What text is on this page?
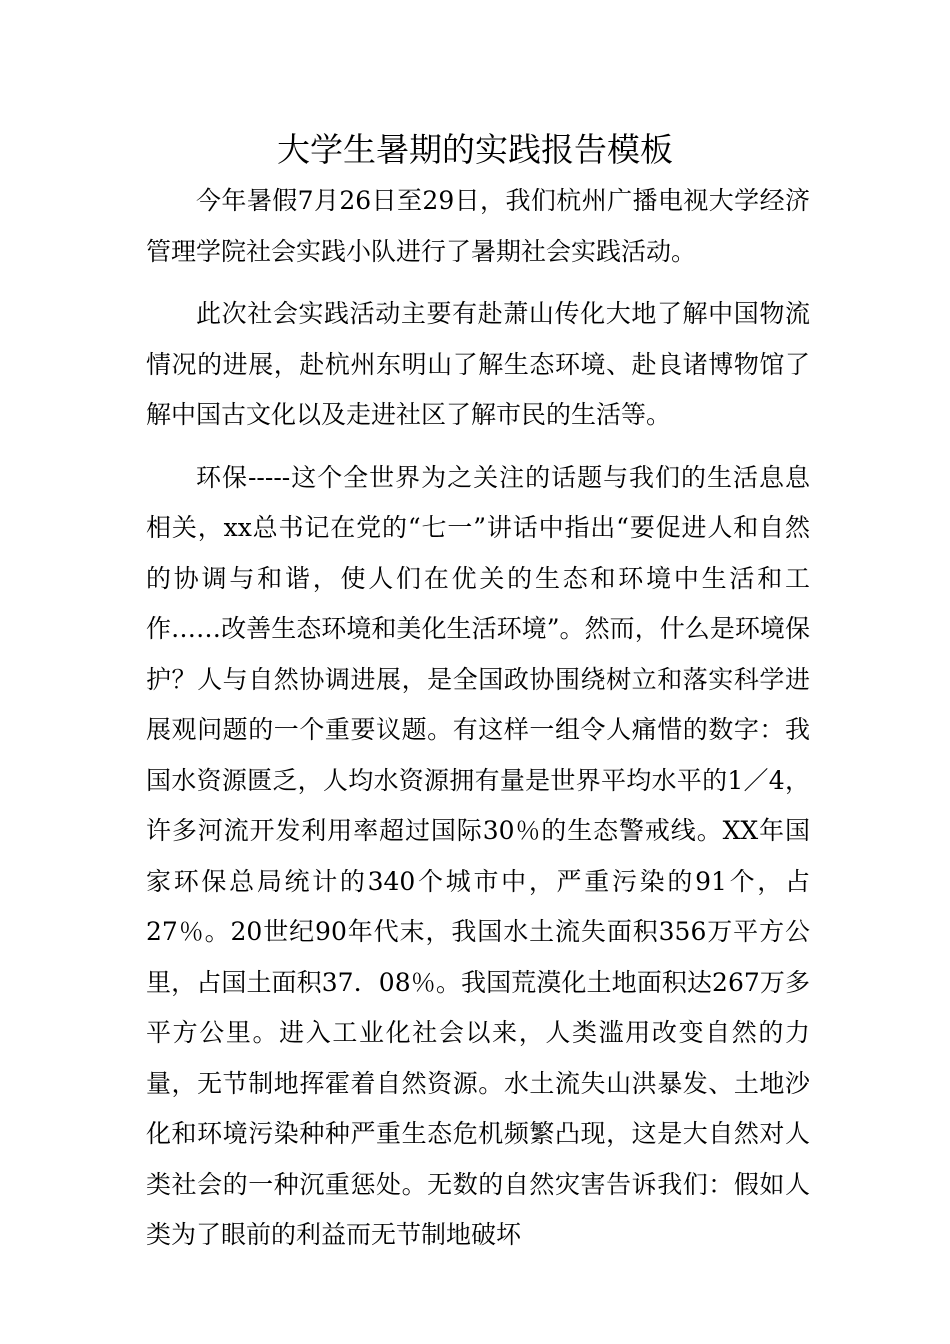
大学生暑期的实践报告模板

今年暑假7月26日至29日，我们杭州广播电视大学经济管理学院社会实践小队进行了暑期社会实践活动。

此次社会实践活动主要有赴萧山传化大地了解中国物流情况的进展，赴杭州东明山了解生态环境、赴良诸博物馆了解中国古文化以及走进社区了解市民的生活等。

环保-----这个全世界为之关注的话题与我们的生活息息相关，xx总书记在党的“七一”讲话中指出“要促进人和自然的协调与和谐，使人们在优关的生态和环境中生活和工作……改善生态环境和美化生活环境”。然而，什么是环境保护？人与自然协调进展，是全国政协围绕树立和落实科学进展观问题的一个重要议题。有这样一组令人痛惜的数字：我国水资源匮乏，人均水资源拥有量是世界平均水平的1／4，许多河流开发利用率超过国际30％的生态警戒线。XX年国家环保总局统计的340个城市中，严重污染的91个，占27％。20世纪90年代末，我国水土流失面积356万平方公里，占国土面积37．08％。我国荒漠化土地面积达267万多平方公里。进入工业化社会以来，人类滥用改变自然的力量，无节制地挥霍着自然资源。水土流失山洪暴发、土地沙化和环境污染种种严重生态危机频繁凸现，这是大自然对人类社会的一种沉重惩处。无数的自然灾害告诉我们：假如人类为了眼前的利益而无节制地破坏
